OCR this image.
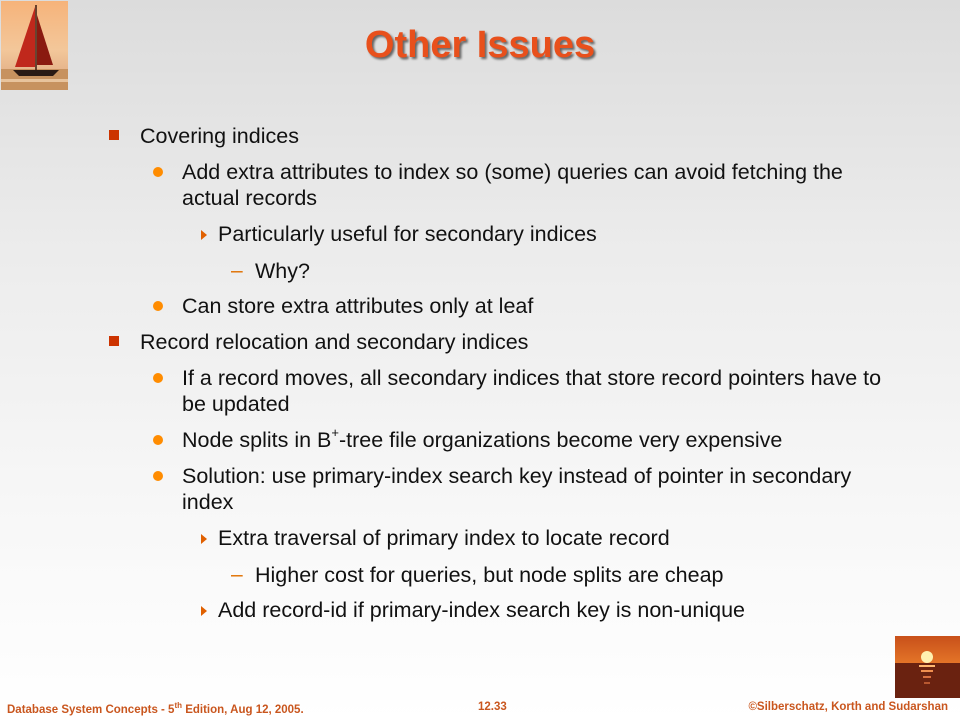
Other Issues
Covering indices
Add extra attributes to index so (some) queries can avoid fetching the actual records
Particularly useful for secondary indices
– Why?
Can store extra attributes only at leaf
Record relocation and secondary indices
If a record moves, all secondary indices that store record pointers have to be updated
Node splits in B+-tree file organizations become very expensive
Solution: use primary-index search key instead of pointer in secondary index
Extra traversal of primary index to locate record
– Higher cost for queries, but node splits are cheap
Add record-id if primary-index search key is non-unique
Database System Concepts - 5th Edition, Aug 12, 2005.	12.33	©Silberschatz, Korth and Sudarshan
